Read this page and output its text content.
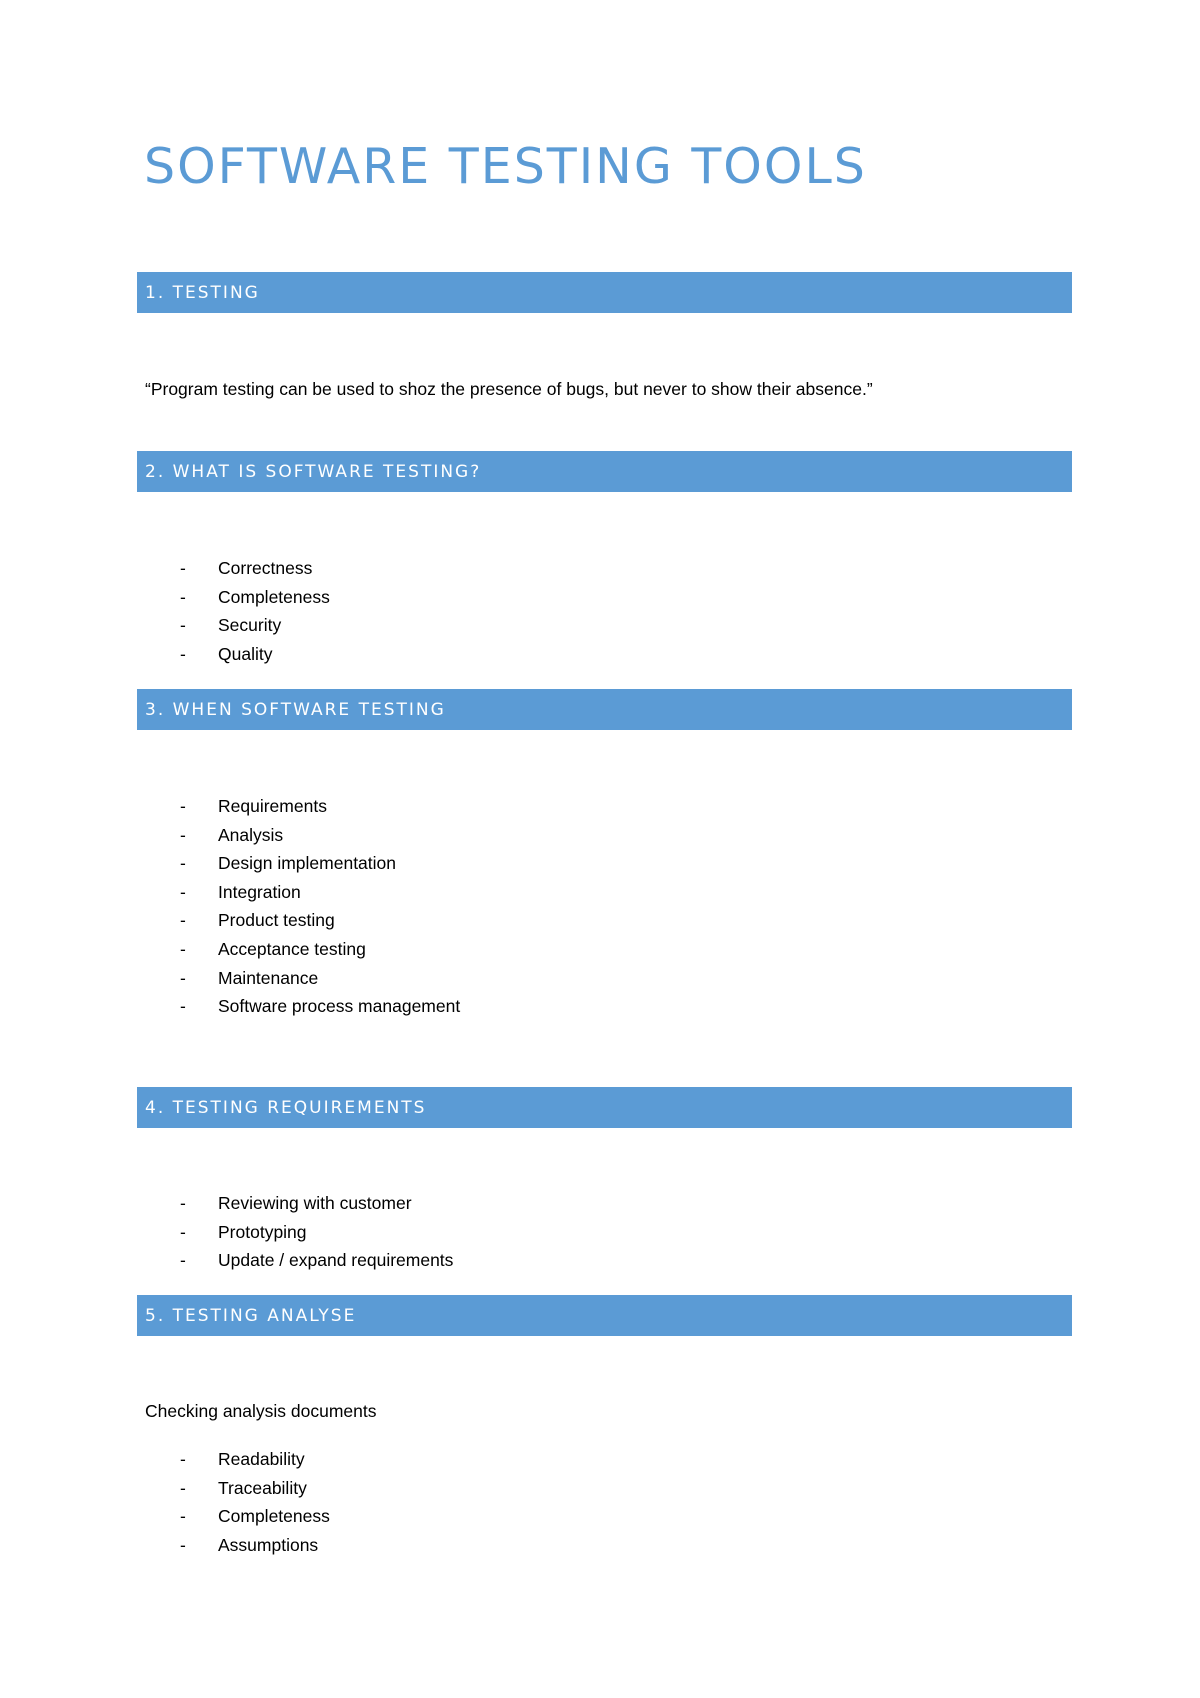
SOFTWARE TESTING TOOLS
1. TESTING

“Program testing can be used to shoz the presence of bugs, but never to show their absence.”

2. WHAT IS SOFTWARE TESTING?
- Correctness
- Completeness
- Security
- Quality
3. WHEN SOFTWARE TESTING
- Requirements
- Analysis
- Design implementation
- Integration
- Product testing
- Acceptance testing
- Maintenance
- Software process management
4. TESTING REQUIREMENTS
- Reviewing with customer
- Prototyping
- Update / expand requirements
5. TESTING ANALYSE

Checking analysis documents

- Readability
- Traceability
- Completeness
- Assumptions
